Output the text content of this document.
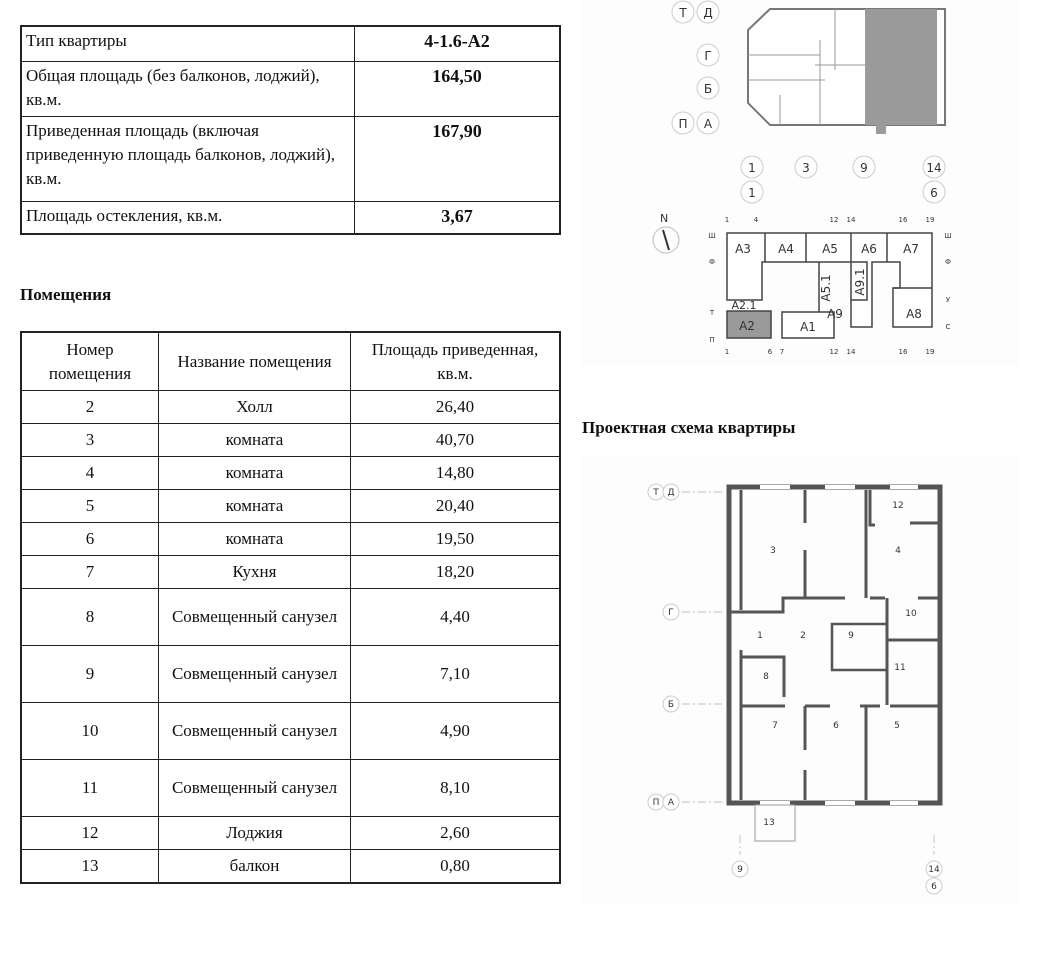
Тип квартиры	4-1.6-А2
Общая площадь (без балконов, лоджий), кв.м.	164,50
Приведенная площадь (включая приведенную площадь балконов, лоджий), кв.м.	167,90
Площадь остекления, кв.м.	3,67
Помещения
Номер помещения	Название помещения	Площадь приведенная, кв.м.
2	Холл	26,40
3	комната	40,70
4	комната	14,80
5	комната	20,40
6	комната	19,50
7	Кухня	18,20
8	Совмещенный санузел	4,40
9	Совмещенный санузел	7,10
10	Совмещенный санузел	4,90
11	Совмещенный санузел	8,10
12	Лоджия	2,60
13	балкон	0,80
Т Д
Г
Б
П А
1	3	9	14
1	6
N
А3 А4 А5 А6 А7
А2	А1
А5.1 А9.1
А9	А8
А2.1
1	4	12 14	16	19
1	6 7	12 14	16	19
Ш
Ф
Т
П
Ш
Ф
У
С
Проектная схема квартиры
12
3	4
10
1	2	9
8
11
7	6	5
13
Т Д
Г
Б
П А
9	14
6
